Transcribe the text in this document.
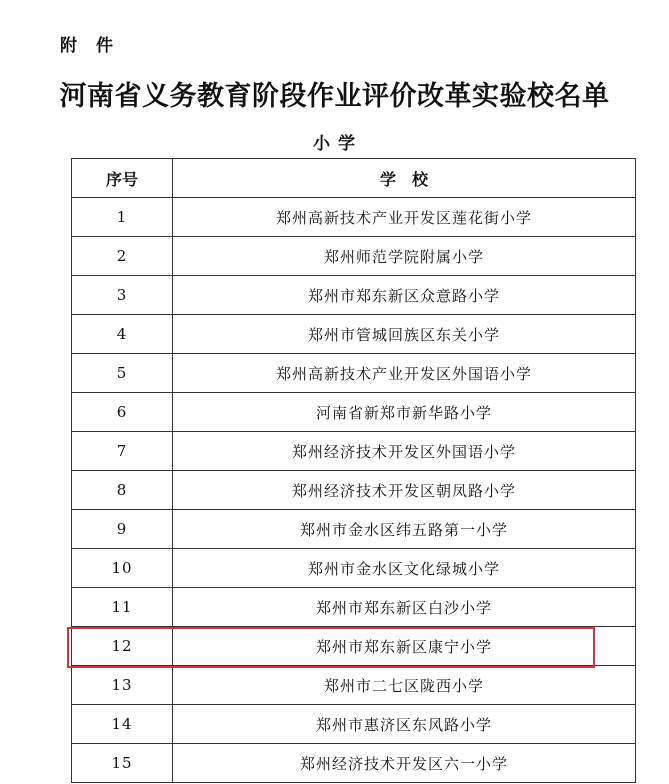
附　件
河南省义务教育阶段作业评价改革实验校名单
小 学
序号	学　校
1	郑州高新技术产业开发区莲花街小学
2	郑州师范学院附属小学
3	郑州市郑东新区众意路小学
4	郑州市管城回族区东关小学
5	郑州高新技术产业开发区外国语小学
6	河南省新郑市新华路小学
7	郑州经济技术开发区外国语小学
8	郑州经济技术开发区朝凤路小学
9	郑州市金水区纬五路第一小学
10	郑州市金水区文化绿城小学
11	郑州市郑东新区白沙小学
12	郑州市郑东新区康宁小学
13	郑州市二七区陇西小学
14	郑州市惠济区东风路小学
15	郑州经济技术开发区六一小学
